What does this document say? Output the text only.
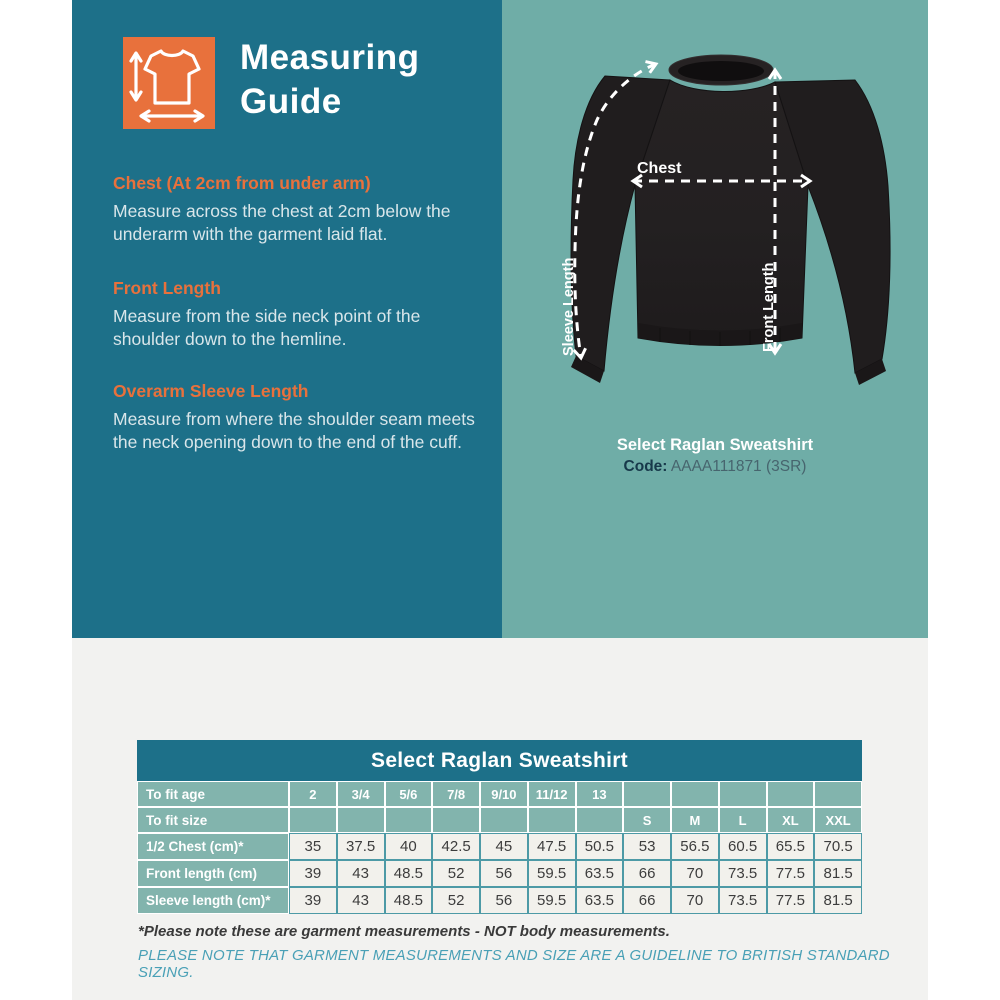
Measuring
Guide
Chest (At 2cm from under arm)
Measure across the chest at 2cm below the underarm with the garment laid flat.
Front Length
Measure from the side neck point of the shoulder down to the hemline.
Overarm Sleeve Length
Measure from where the shoulder seam meets the neck opening down to the end of the cuff.
Chest
Front Length
Sleeve Length
Select Raglan Sweatshirt
Code: AAAA111871 (3SR)
Select Raglan Sweatshirt
To fit age	2	3/4	5/6	7/8	9/10	11/12	13					
To fit size								S	M	L	XL	XXL
1/2 Chest (cm)*	35	37.5	40	42.5	45	47.5	50.5	53	56.5	60.5	65.5	70.5
Front length (cm)	39	43	48.5	52	56	59.5	63.5	66	70	73.5	77.5	81.5
Sleeve length (cm)*	39	43	48.5	52	56	59.5	63.5	66	70	73.5	77.5	81.5
*Please note these are garment measurements - NOT body measurements.
PLEASE NOTE THAT GARMENT MEASUREMENTS AND SIZE ARE A GUIDELINE TO BRITISH STANDARD SIZING.
